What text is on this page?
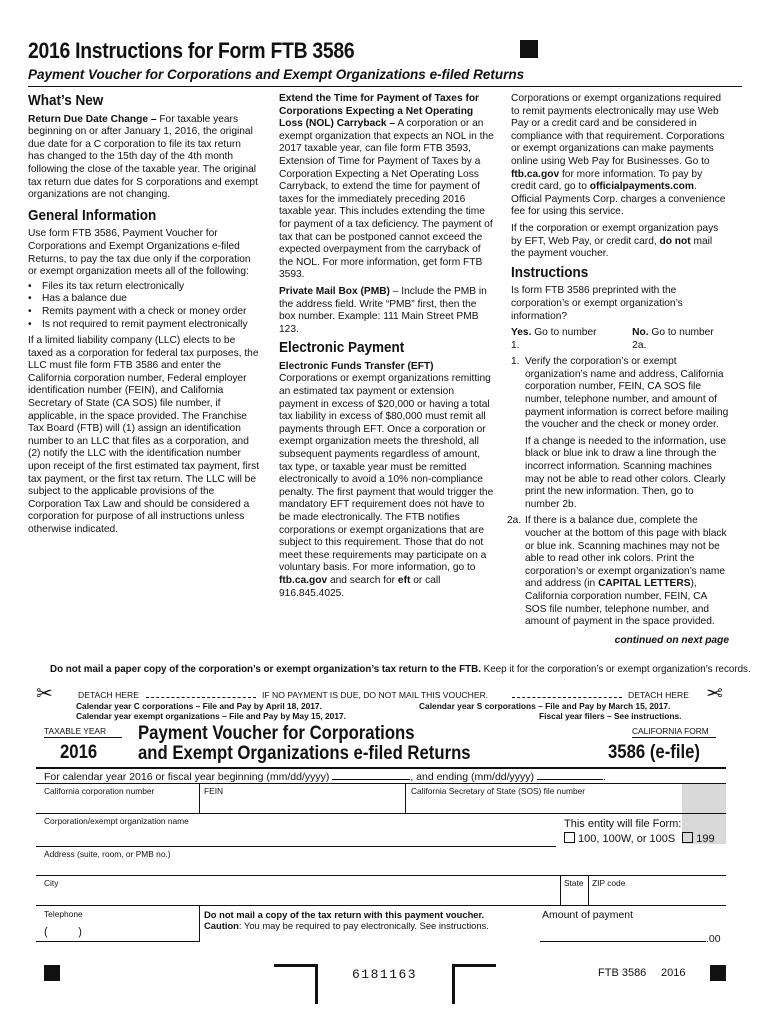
2016 Instructions for Form FTB 3586
Payment Voucher for Corporations and Exempt Organizations e-filed Returns
What’s New

Return Due Date Change – For taxable years beginning on or after January 1, 2016, the original due date for a C corporation to file its tax return has changed to the 15th day of the 4th month following the close of the taxable year. The original tax return due dates for S corporations and exempt organizations are not changing.

General Information

Use form FTB 3586, Payment Voucher for Corporations and Exempt Organizations e-filed Returns, to pay the tax due only if the corporation or exempt organization meets all of the following:

•	Files its tax return electronically
•	Has a balance due
•	Remits payment with a check or money order
•	Is not required to remit payment electronically

If a limited liability company (LLC) elects to be taxed as a corporation for federal tax purposes, the LLC must file form FTB 3586 and enter the California corporation number, Federal employer identification number (FEIN), and California Secretary of State (CA SOS) file number, if applicable, in the space provided. The Franchise Tax Board (FTB) will (1) assign an identification number to an LLC that files as a corporation, and (2) notify the LLC with the identification number upon receipt of the first estimated tax payment, first tax payment, or the first tax return. The LLC will be subject to the applicable provisions of the Corporation Tax Law and should be considered a corporation for purpose of all instructions unless otherwise indicated.

Extend the Time for Payment of Taxes for Corporations Expecting a Net Operating Loss (NOL) Carryback – A corporation or an exempt organization that expects an NOL in the 2017 taxable year, can file form FTB 3593, Extension of Time for Payment of Taxes by a Corporation Expecting a Net Operating Loss Carryback, to extend the time for payment of taxes for the immediately preceding 2016 taxable year. This includes extending the time for payment of a tax deficiency. The payment of tax that can be postponed cannot exceed the expected overpayment from the carryback of the NOL. For more information, get form FTB 3593.

Private Mail Box (PMB) – Include the PMB in the address field. Write “PMB” first, then the box number. Example: 111 Main Street PMB 123.

Electronic Payment

Electronic Funds Transfer (EFT)

Corporations or exempt organizations remitting an estimated tax payment or extension payment in excess of $20,000 or having a total tax liability in excess of $80,000 must remit all payments through EFT. Once a corporation or exempt organization meets the threshold, all subsequent payments regardless of amount, tax type, or taxable year must be remitted electronically to avoid a 10% non-compliance penalty. The first payment that would trigger the mandatory EFT requirement does not have to be made electronically. The FTB notifies corporations or exempt organizations that are subject to this requirement. Those that do not meet these requirements may participate on a voluntary basis. For more information, go to ftb.ca.gov and search for eft or call 916.845.4025.

Corporations or exempt organizations required to remit payments electronically may use Web Pay or a credit card and be considered in compliance with that requirement. Corporations or exempt organizations can make payments online using Web Pay for Businesses. Go to ftb.ca.gov for more information. To pay by credit card, go to officialpayments.com. Official Payments Corp. charges a convenience fee for using this service.

If the corporation or exempt organization pays by EFT, Web Pay, or credit card, do not mail the payment voucher.

Instructions

Is form FTB 3586 preprinted with the corporation’s or exempt organization’s information?

Yes. Go to number 1.
No. Go to number 2a.
1. Verify the corporation’s or exempt organization’s name and address, California corporation number, FEIN, CA SOS file number, telephone number, and amount of payment information is correct before mailing the voucher and the check or money order.

If a change is needed to the information, use black or blue ink to draw a line through the incorrect information. Scanning machines may not be able to read other colors. Clearly print the new information. Then, go to number 2b.

2a. If there is a balance due, complete the voucher at the bottom of this page with black or blue ink. Scanning machines may not be able to read other ink colors. Print the corporation’s or exempt organization’s name and address (in CAPITAL LETTERS), California corporation number, FEIN, CA SOS file number, telephone number, and amount of payment in the space provided.

continued on next page

Do not mail a paper copy of the corporation’s or exempt organization’s tax return to the FTB. Keep it for the corporation’s or exempt organization’s records.
✂	DETACH HERE	IF NO PAYMENT IS DUE, DO NOT MAIL THIS VOUCHER.	DETACH HERE ✂
Calendar year C corporations – File and Pay by April 18, 2017.
Calendar year exempt organizations – File and Pay by May 15, 2017.
Calendar year S corporations – File and Pay by March 15, 2017.
Fiscal year filers – See instructions.
TAXABLE YEAR	CALIFORNIA FORM
2016
Payment Voucher for Corporations
and Exempt Organizations e-filed Returns	3586 (e-file)
For calendar year 2016 or fiscal year beginning (mm/dd/yyyy)	, and ending (mm/dd/yyyy)	.
California corporation number	FEIN	California Secretary of State (SOS) file number
Corporation/exempt organization name	This entity will file Form:
100, 100W, or 100S 199
Address (suite, room, or PMB no.)
City	State ZIP code
Telephone
(          )
Do not mail a copy of the tax return with this payment voucher.
Caution: You may be required to pay electronically. See instructions.
Amount of payment
.00
6181163	FTB 3586 2016
